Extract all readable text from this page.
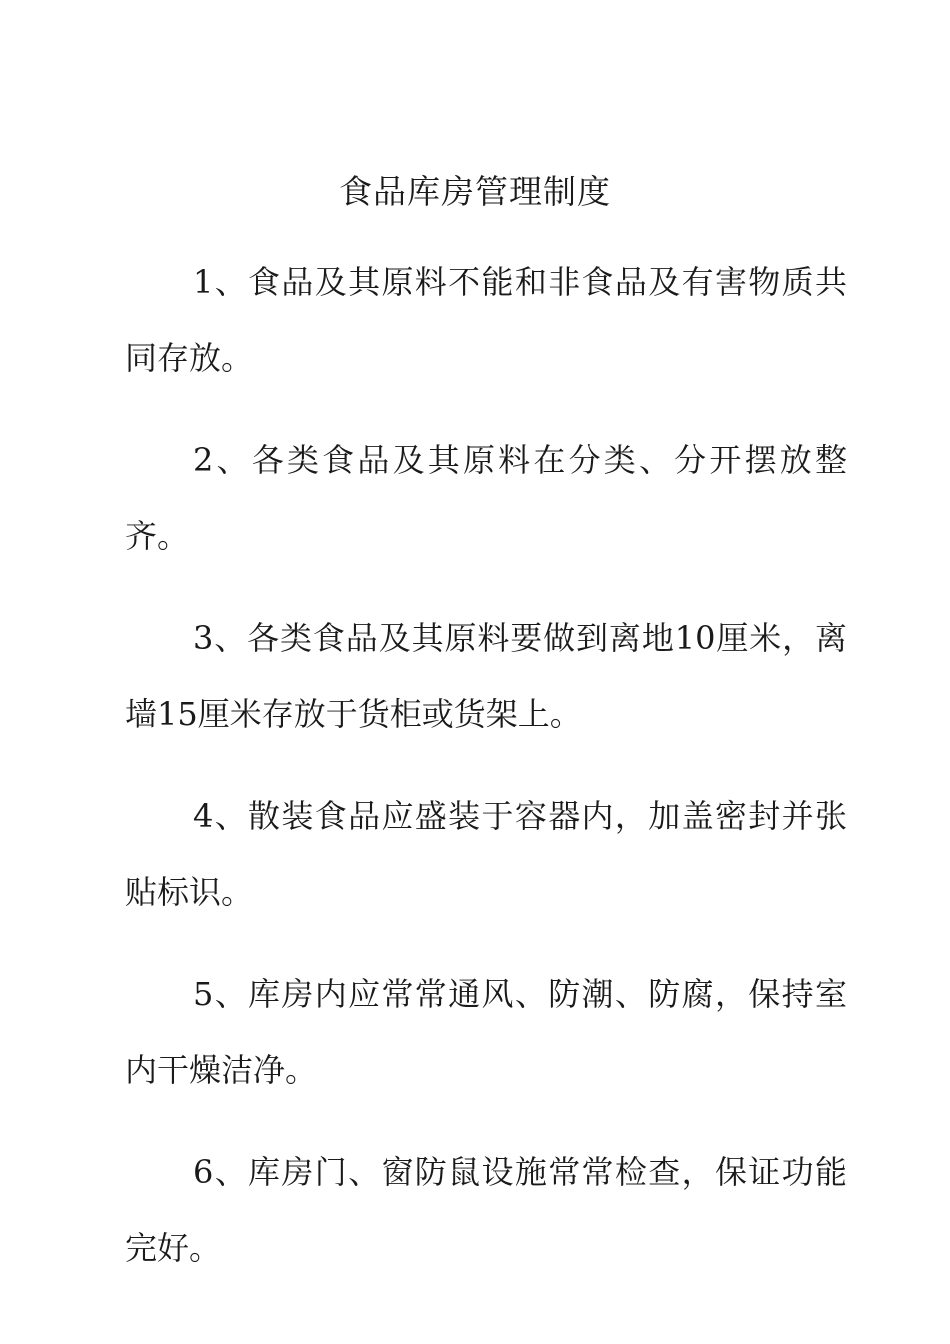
食品库房管理制度

1、食品及其原料不能和非食品及有害物质共同存放。

2、各类食品及其原料在分类、分开摆放整齐。

3、各类食品及其原料要做到离地10厘米，离墙15厘米存放于货柜或货架上。

4、散装食品应盛装于容器内，加盖密封并张贴标识。

5、库房内应常常通风、防潮、防腐，保持室内干燥洁净。

6、库房门、窗防鼠设施常常检查，保证功能完好。
